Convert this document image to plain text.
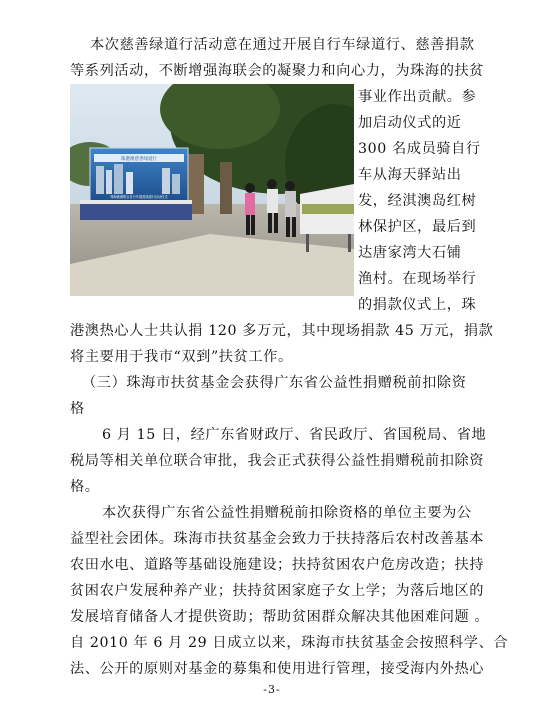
本次慈善绿道行活动意在通过开展自行车绿道行、慈善捐款
等系列活动，不断增强海联会的凝聚力和向心力，为珠海的扶贫
事业作出贡献。参
加启动仪式的近
300 名成员骑自行
车从海天驿站出
发，经淇澳岛红树
林保护区，最后到
达唐家湾大石铺
渔村。在现场举行
的捐款仪式上，珠
港澳热心人士共认捐 120 多万元，其中现场捐款 45 万元，捐款
将主要用于我市“双到”扶贫工作。
珠港澳慈善绿道行
珠海港澳联合自行车慈善绿道行启动仪式
（三）珠海市扶贫基金会获得广东省公益性捐赠税前扣除资
格
6 月 15 日，经广东省财政厅、省民政厅、省国税局、省地
税局等相关单位联合审批，我会正式获得公益性捐赠税前扣除资
格。
本次获得广东省公益性捐赠税前扣除资格的单位主要为公
益型社会团体。珠海市扶贫基金会致力于扶持落后农村改善基本
农田水电、道路等基础设施建设；扶持贫困农户危房改造；扶持
贫困农户发展种养产业；扶持贫困家庭子女上学；为落后地区的
发展培育储备人才提供资助；帮助贫困群众解决其他困难问题 。
自 2010 年 6 月 29 日成立以来，珠海市扶贫基金会按照科学、合
法、公开的原则对基金的募集和使用进行管理，接受海内外热心
-3-
